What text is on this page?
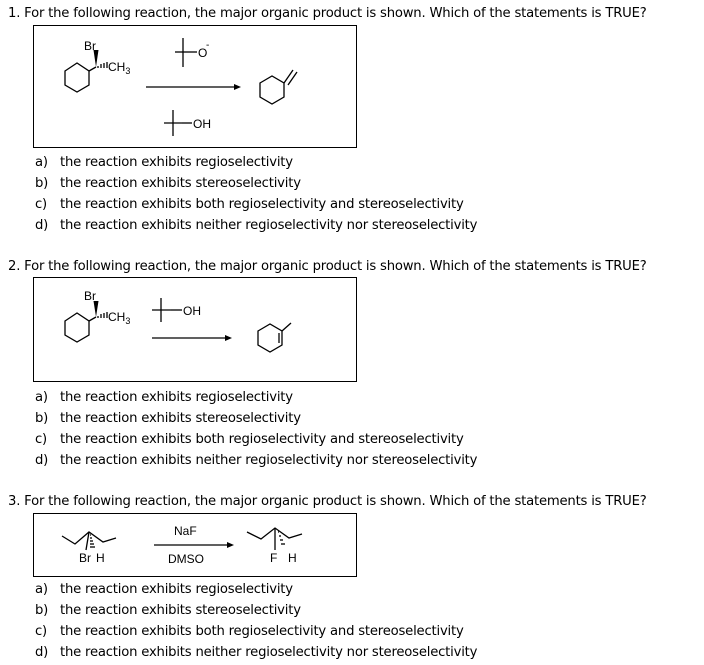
1. For the following reaction, the major organic product is shown. Which of the statements is TRUE?
Br
$CH_3$
O
-
OH
a) the reaction exhibits regioselectivity
b) the reaction exhibits stereoselectivity
c) the reaction exhibits both regioselectivity and stereoselectivity
d) the reaction exhibits neither regioselectivity nor stereoselectivity
2. For the following reaction, the major organic product is shown. Which of the statements is TRUE?
Br
$CH_3$
OH
a) the reaction exhibits regioselectivity
b) the reaction exhibits stereoselectivity
c) the reaction exhibits both regioselectivity and stereoselectivity
d) the reaction exhibits neither regioselectivity nor stereoselectivity
3. For the following reaction, the major organic product is shown. Which of the statements is TRUE?
NaF
DMSO
Br H	F H
a) the reaction exhibits regioselectivity
b) the reaction exhibits stereoselectivity
c) the reaction exhibits both regioselectivity and stereoselectivity
d) the reaction exhibits neither regioselectivity nor stereoselectivity
